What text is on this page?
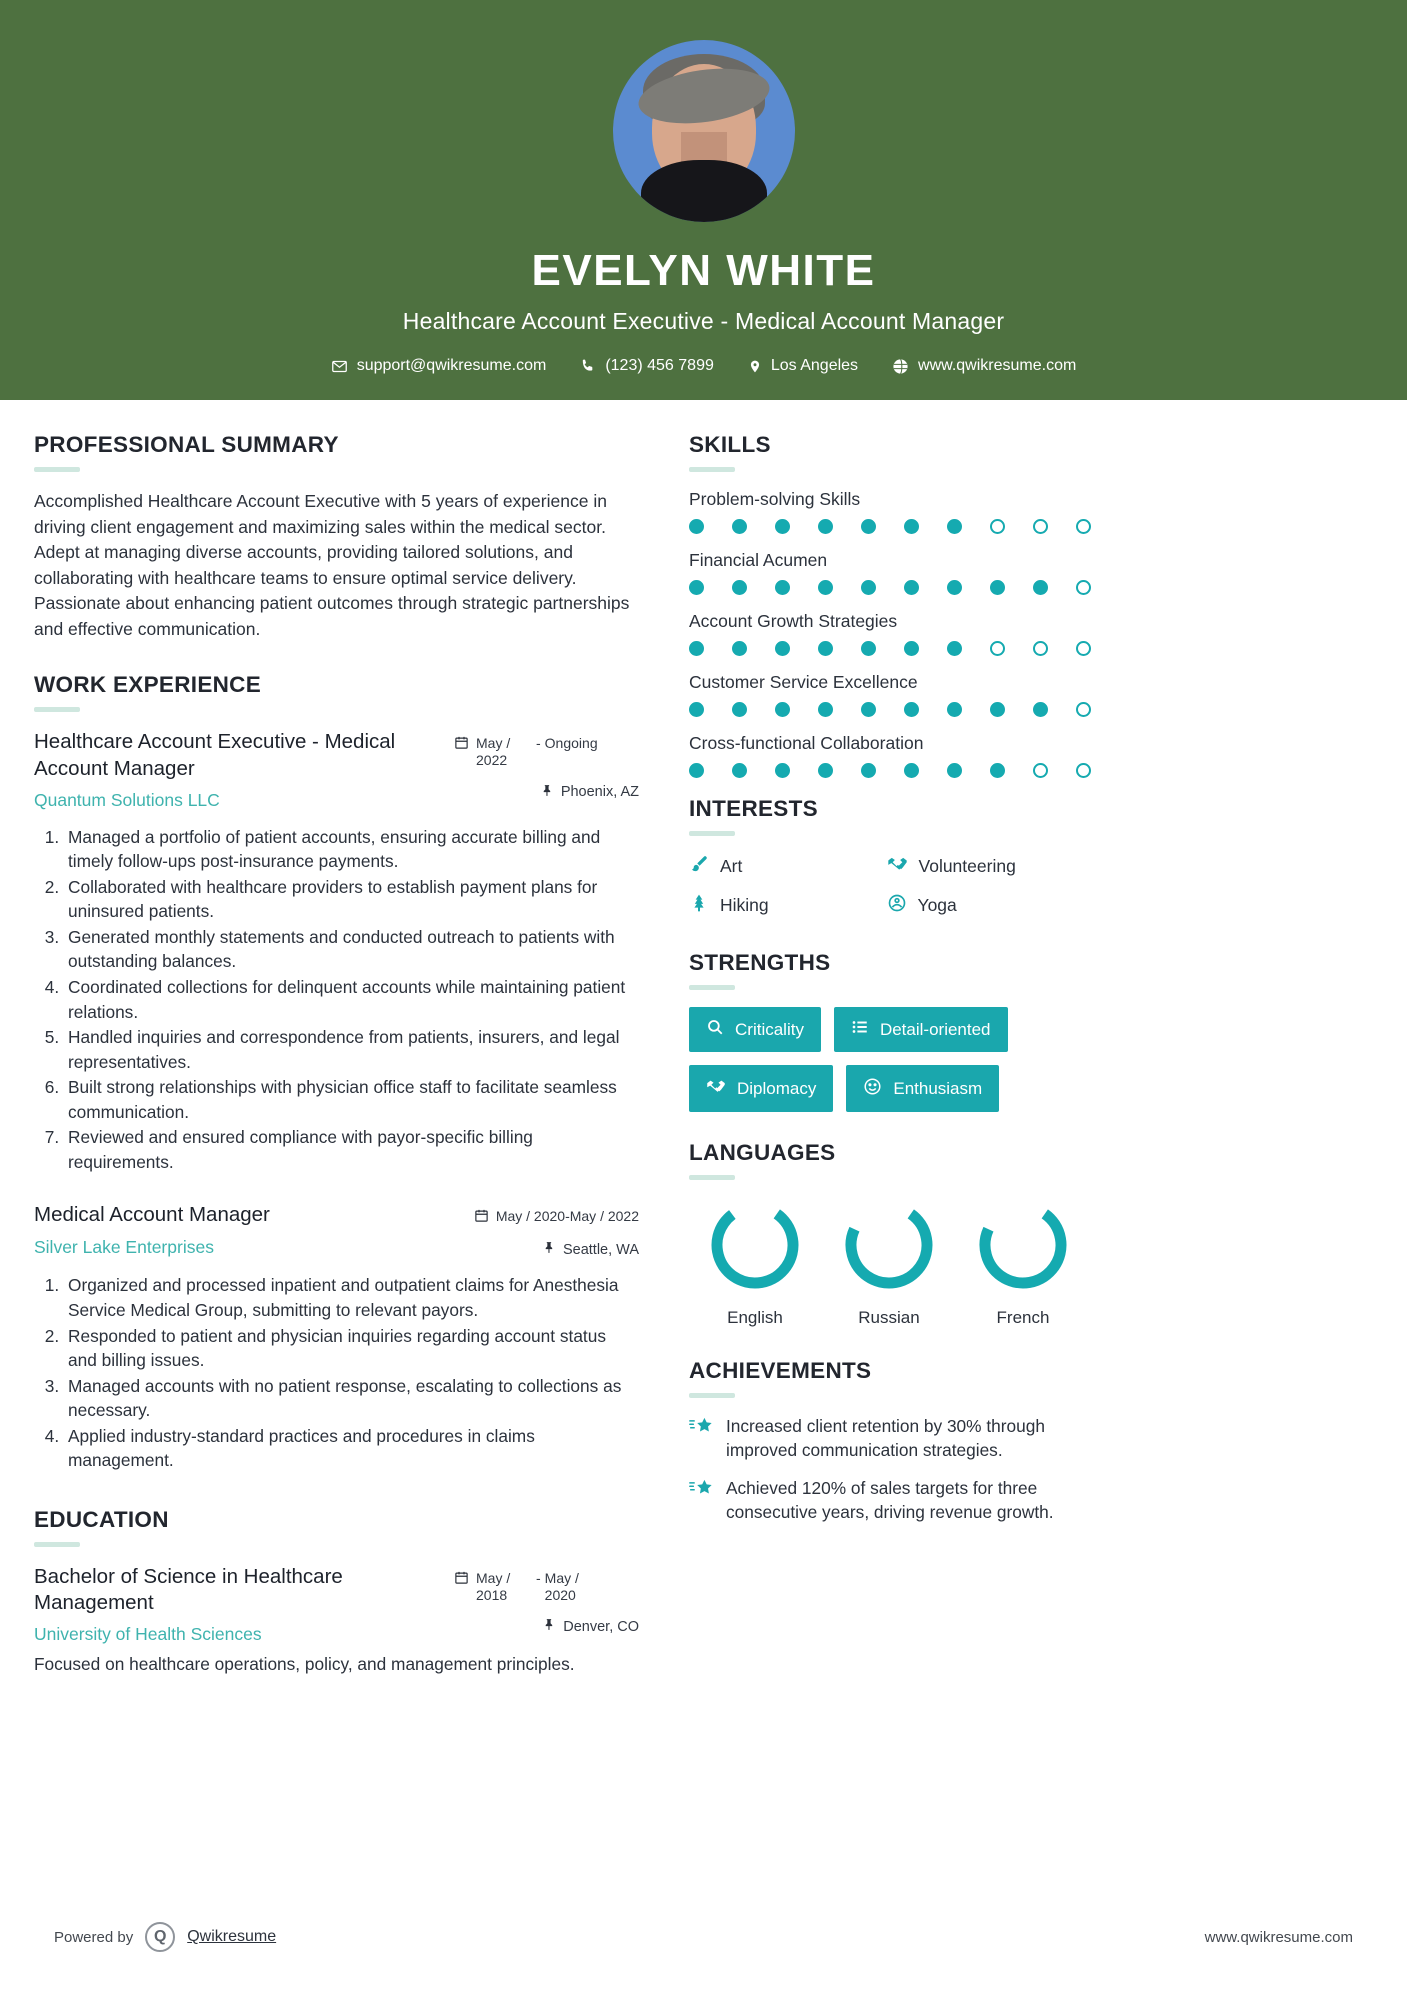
EVELYN WHITE
Healthcare Account Executive - Medical Account Manager
support@qwikresume.com	(123) 456 7899	Los Angeles	www.qwikresume.com
PROFESSIONAL SUMMARY

Accomplished Healthcare Account Executive with 5 years of experience in driving client engagement and maximizing sales within the medical sector. Adept at managing diverse accounts, providing tailored solutions, and collaborating with healthcare teams to ensure optimal service delivery. Passionate about enhancing patient outcomes through strategic partnerships and effective communication.

WORK EXPERIENCE
Healthcare Account Executive - Medical Account Manager
Quantum Solutions LLC
May / 2022
- Ongoing
Phoenix, AZ
1. Managed a portfolio of patient accounts, ensuring accurate billing and timely follow-ups post-insurance payments.
2. Collaborated with healthcare providers to establish payment plans for uninsured patients.
3. Generated monthly statements and conducted outreach to patients with outstanding balances.
4. Coordinated collections for delinquent accounts while maintaining patient relations.
5. Handled inquiries and correspondence from patients, insurers, and legal representatives.
6. Built strong relationships with physician office staff to facilitate seamless communication.
7. Reviewed and ensured compliance with payor-specific billing requirements.
Medical Account Manager
Silver Lake Enterprises
May / 2020-May / 2022
Seattle, WA
1. Organized and processed inpatient and outpatient claims for Anesthesia Service Medical Group, submitting to relevant payors.
2. Responded to patient and physician inquiries regarding account status and billing issues.
3. Managed accounts with no patient response, escalating to collections as necessary.
4. Applied industry-standard practices and procedures in claims management.
EDUCATION
Bachelor of Science in Healthcare Management
University of Health Sciences
May / 2018
- May / 2020
Denver, CO
Focused on healthcare operations, policy, and management principles.
SKILLS
Problem-solving Skills
Financial Acumen
Account Growth Strategies
Customer Service Excellence
Cross-functional Collaboration
INTERESTS
Art	Volunteering
Hiking	Yoga
STRENGTHS
Criticality	Detail-oriented
Diplomacy	Enthusiasm
LANGUAGES
English	Russian	French
ACHIEVEMENTS
Increased client retention by 30% through improved communication strategies.
Achieved 120% of sales targets for three consecutive years, driving revenue growth.
Powered by	Q	Qwikresume	www.qwikresume.com
